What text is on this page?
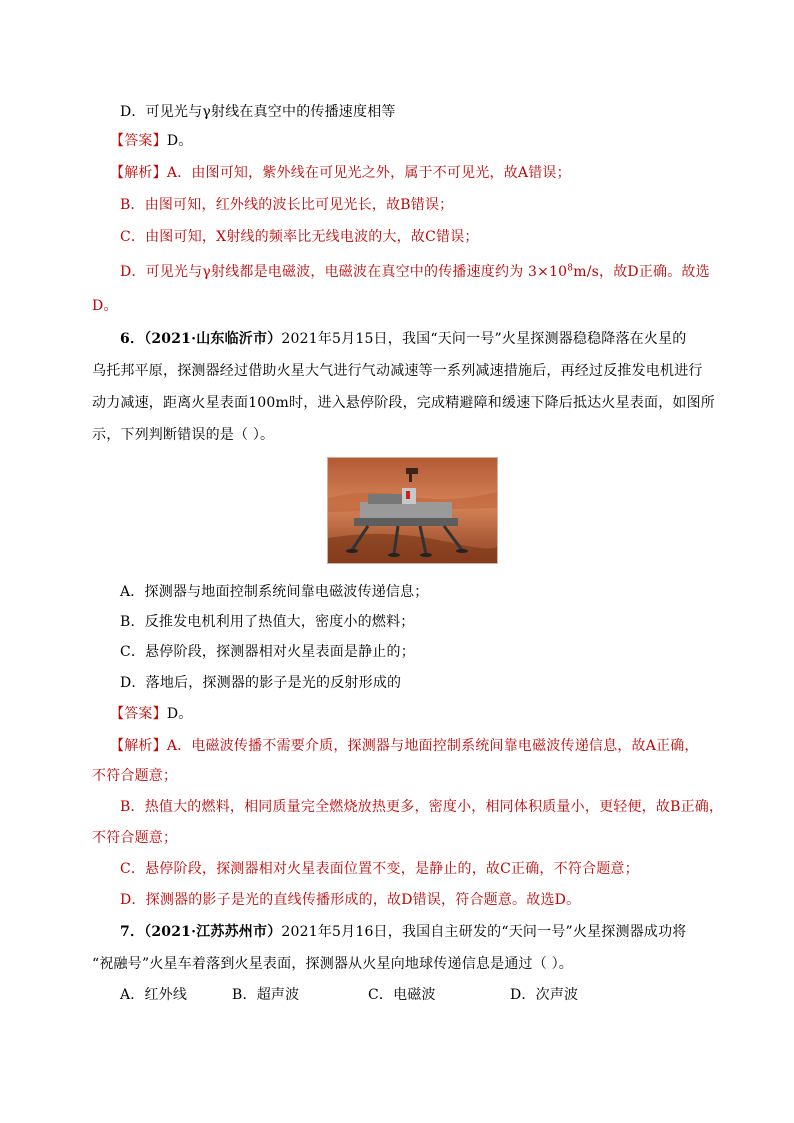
D．可见光与γ射线在真空中的传播速度相等
【答案】D。
【解析】A．由图可知，紫外线在可见光之外，属于不可见光，故A错误；
B．由图可知，红外线的波长比可见光长，故B错误；
C．由图可知，X射线的频率比无线电波的大，故C错误；
D．可见光与γ射线都是电磁波，电磁波在真空中的传播速度约为 $3\times 10^8m/s$，故D正确。故选
D。
6．（2021·山东临沂市）2021年5月15日，我国“天问一号”火星探测器稳稳降落在火星的
乌托邦平原，探测器经过借助火星大气进行气动减速等一系列减速措施后，再经过反推发电机进行
动力减速，距离火星表面100m时，进入悬停阶段，完成精避障和缓速下降后抵达火星表面，如图所
示，下列判断错误的是（ ）。
A．探测器与地面控制系统间靠电磁波传递信息；
B．反推发电机利用了热值大，密度小的燃料；
C．悬停阶段，探测器相对火星表面是静止的；
D．落地后，探测器的影子是光的反射形成的
【答案】D。
【解析】A．电磁波传播不需要介质，探测器与地面控制系统间靠电磁波传递信息，故A正确，
不符合题意；
B．热值大的燃料，相同质量完全燃烧放热更多，密度小，相同体积质量小，更轻便，故B正确，
不符合题意；
C．悬停阶段，探测器相对火星表面位置不变，是静止的，故C正确，不符合题意；
D．探测器的影子是光的直线传播形成的，故D错误，符合题意。故选D。
7．（2021·江苏苏州市）2021年5月16日，我国自主研发的“天问一号”火星探测器成功将
“祝融号”火星车着落到火星表面，探测器从火星向地球传递信息是通过（ ）。
A．红外线	B．超声波	C．电磁波	D．次声波
